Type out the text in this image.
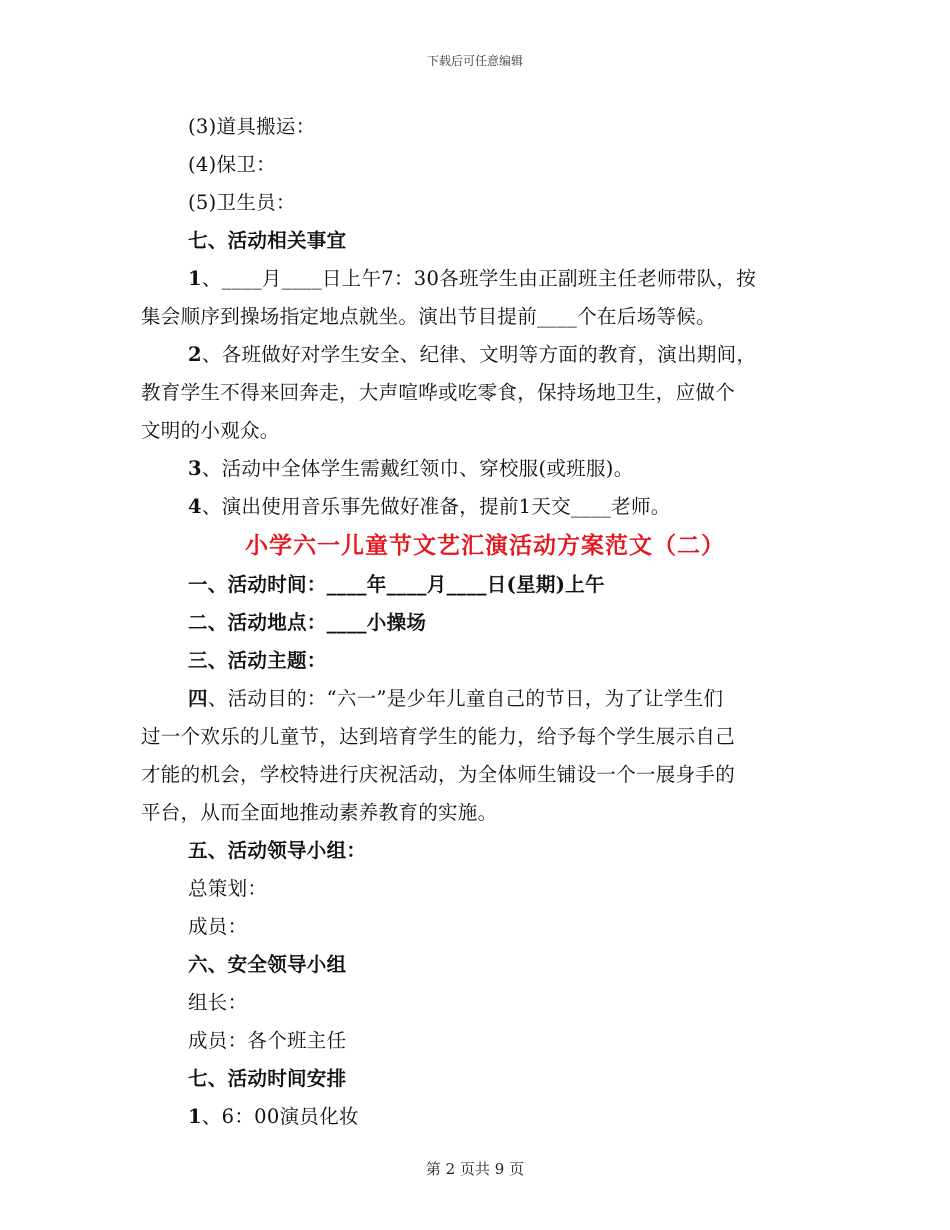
下载后可任意编辑
(3)道具搬运：
(4)保卫：
(5)卫生员：
七、活动相关事宜
1、____月____日上午7：30各班学生由正副班主任老师带队，按
集会顺序到操场指定地点就坐。演出节目提前____个在后场等候。
2、各班做好对学生安全、纪律、文明等方面的教育，演出期间，
教育学生不得来回奔走，大声喧哗或吃零食，保持场地卫生，应做个
文明的小观众。
3、活动中全体学生需戴红领巾、穿校服(或班服)。
4、演出使用音乐事先做好准备，提前1天交____老师。
小学六一儿童节文艺汇演活动方案范文（二）
一、活动时间：____年____月____日(星期)上午
二、活动地点：____小操场
三、活动主题：
四、活动目的：“六一”是少年儿童自己的节日，为了让学生们
过一个欢乐的儿童节，达到培育学生的能力，给予每个学生展示自己
才能的机会，学校特进行庆祝活动，为全体师生铺设一个一展身手的
平台，从而全面地推动素养教育的实施。
五、活动领导小组：
总策划：
成员：
六、安全领导小组
组长：
成员：各个班主任
七、活动时间安排
1、6：00演员化妆
第 2 页共 9 页
